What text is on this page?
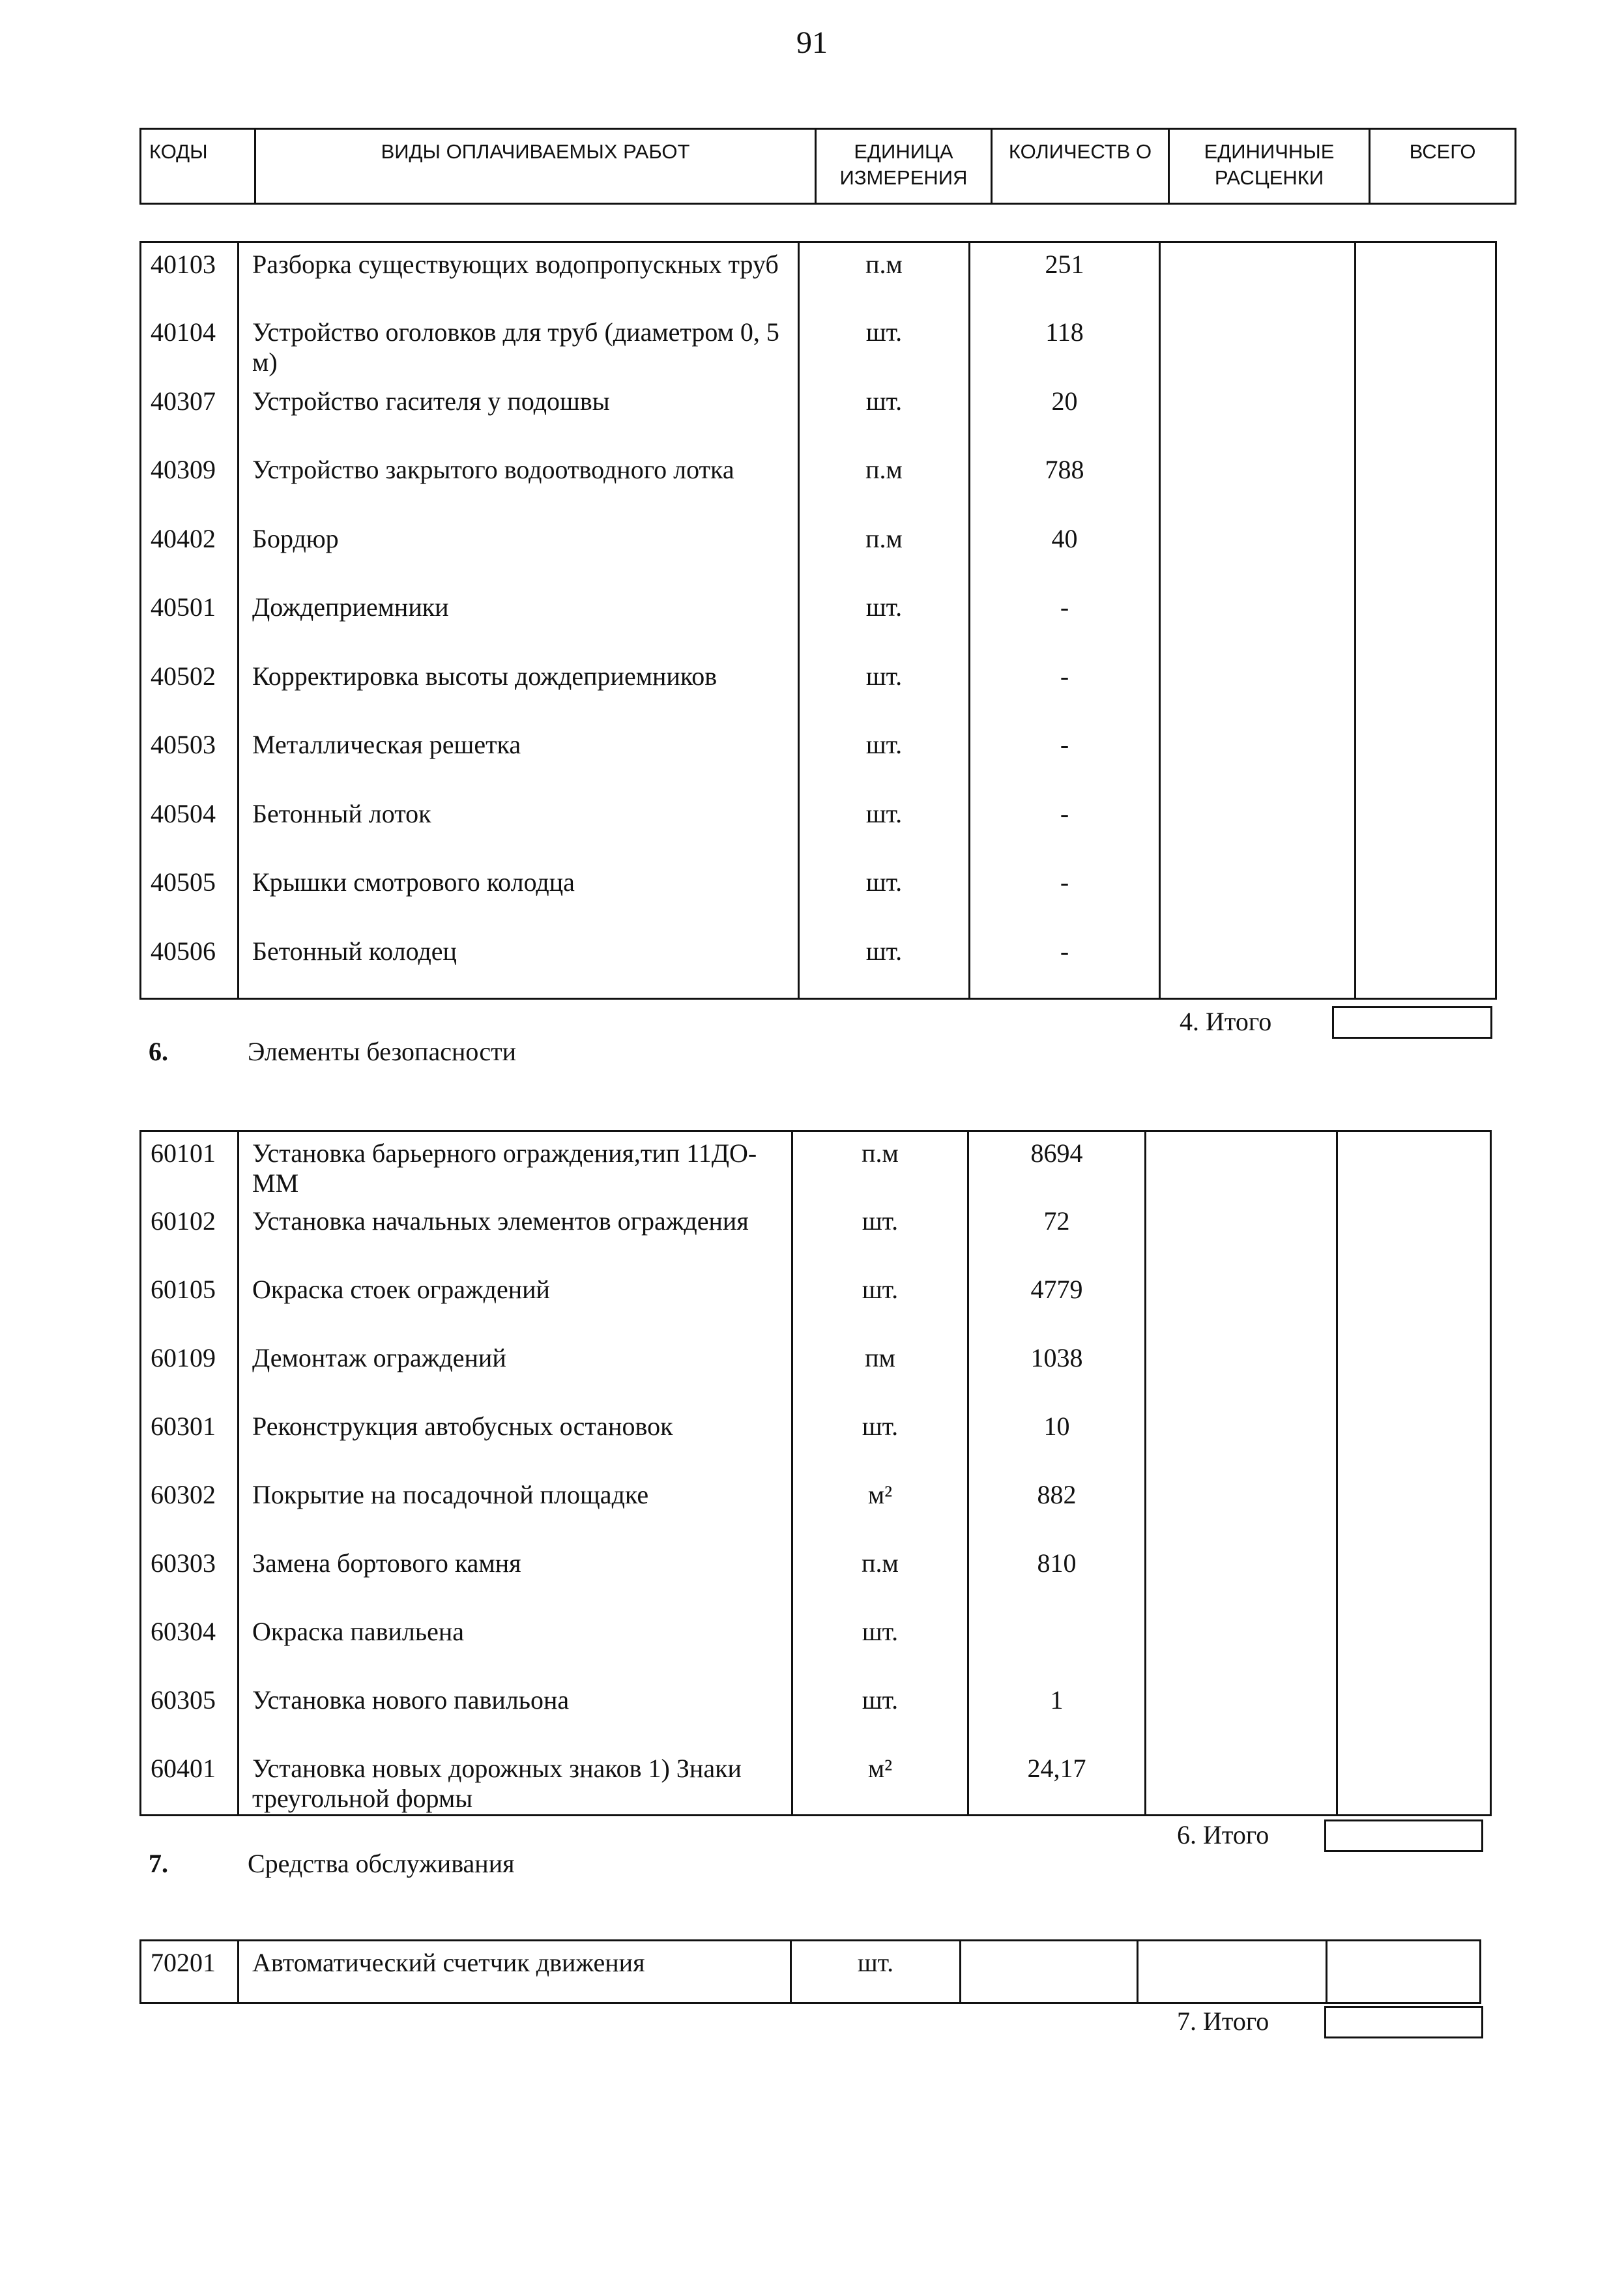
91
КОДЫ	ВИДЫ ОПЛАЧИВАЕМЫХ РАБОТ	ЕДИНИЦА ИЗМЕРЕНИЯ	КОЛИЧЕСТВ О	ЕДИНИЧНЫЕ РАСЦЕНКИ	ВСЕГО
40103	Разборка существующих водопропускных труб	п.м	251		
40104	Устройство оголовков для труб (диаметром 0, 5 м)	шт.	118		
40307	Устройство гасителя у подошвы	шт.	20		
40309	Устройство закрытого водоотводного лотка	п.м	788		
40402	Бордюр	п.м	40		
40501	Дождеприемники	шт.	-		
40502	Корректировка высоты дождеприемников	шт.	-		
40503	Металлическая решетка	шт.	-		
40504	Бетонный лоток	шт.	-		
40505	Крышки смотрового колодца	шт.	-		
40506	Бетонный колодец	шт.	-		
4. Итого
6.	Элементы безопасности
60101	Установка барьерного ограждения,тип 11ДО-ММ	п.м	8694		
60102	Установка начальных элементов ограждения	шт.	72		
60105	Окраска стоек ограждений	шт.	4779		
60109	Демонтаж ограждений	пм	1038		
60301	Реконструкция автобусных остановок	шт.	10		
60302	Покрытие на посадочной площадке	м²	882		
60303	Замена бортового камня	п.м	810		
60304	Окраска павильена	шт.			
60305	Установка нового павильона	шт.	1		
60401	Установка новых дорожных знаков 1) Знаки треугольной формы	м²	24,17		
6. Итого
7.	Средства обслуживания
70201	Автоматический счетчик движения	шт.			
7. Итого
